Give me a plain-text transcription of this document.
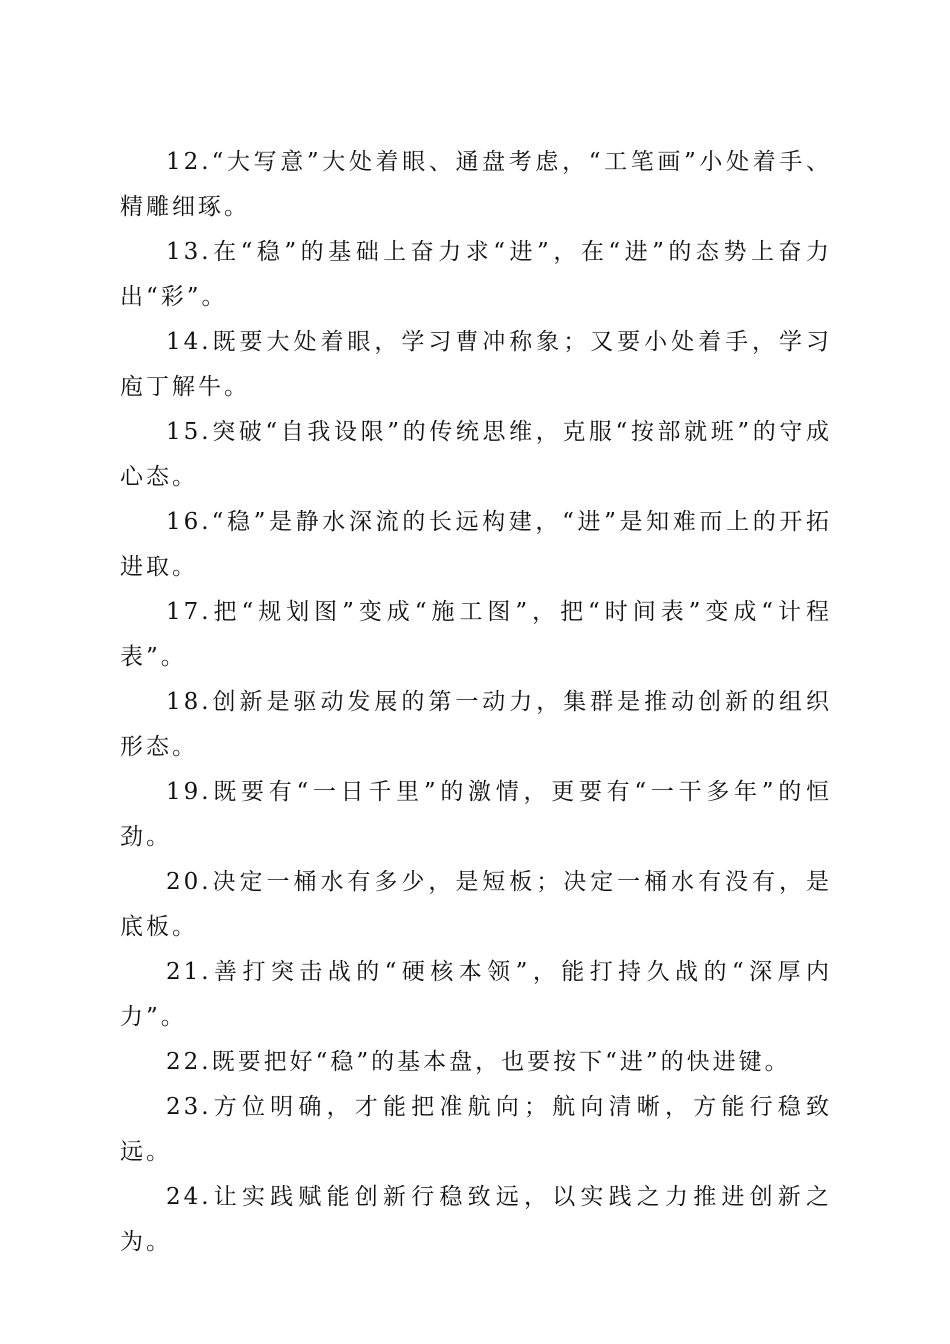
12.“大写意”大处着眼、通盘考虑，“工笔画”小处着手、精雕细琢。

13.在“稳”的基础上奋力求“进”，在“进”的态势上奋力出“彩”。

14.既要大处着眼，学习曹冲称象；又要小处着手，学习庖丁解牛。

15.突破“自我设限”的传统思维，克服“按部就班”的守成心态。

16.“稳”是静水深流的长远构建，“进”是知难而上的开拓进取。

17.把“规划图”变成“施工图”，把“时间表”变成“计程表”。

18.创新是驱动发展的第一动力，集群是推动创新的组织形态。

19.既要有“一日千里”的激情，更要有“一干多年”的恒劲。

20.决定一桶水有多少，是短板；决定一桶水有没有，是底板。

21.善打突击战的“硬核本领”，能打持久战的“深厚内力”。

22.既要把好“稳”的基本盘，也要按下“进”的快进键。

23.方位明确，才能把准航向；航向清晰，方能行稳致远。

24.让实践赋能创新行稳致远，以实践之力推进创新之为。
